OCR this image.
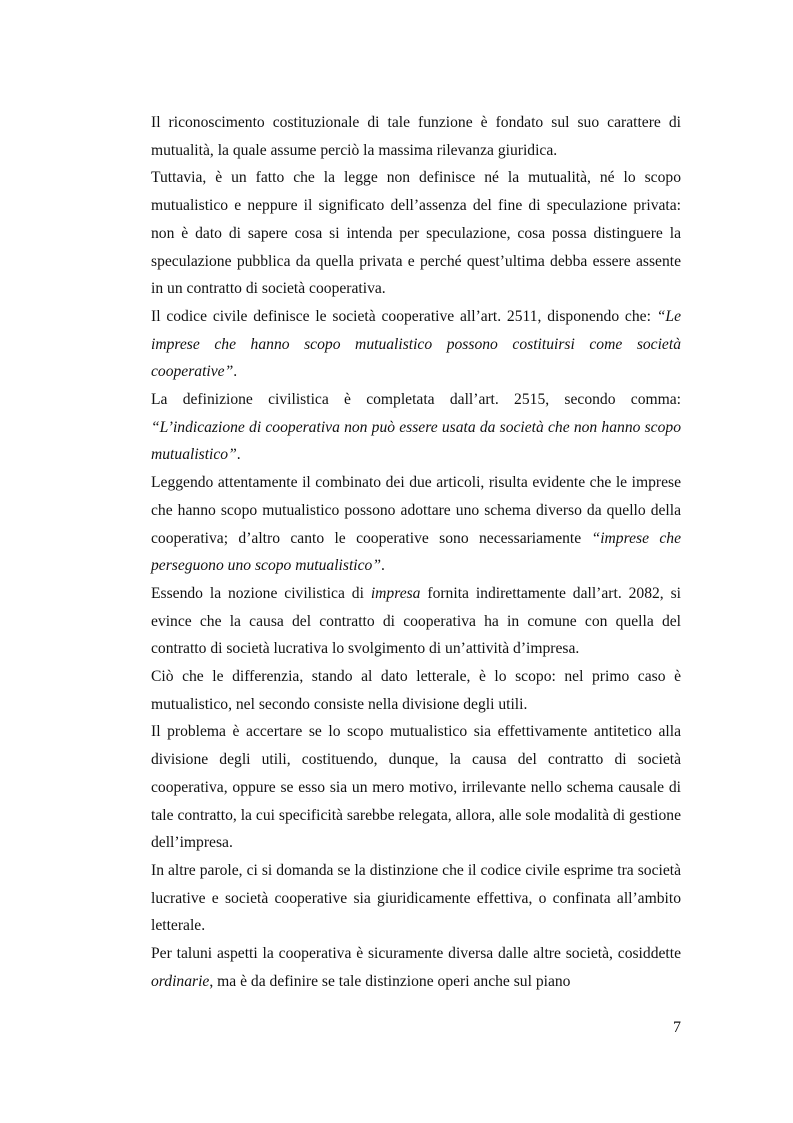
Il riconoscimento costituzionale di tale funzione è fondato sul suo carattere di mutualità, la quale assume perciò la massima rilevanza giuridica.

Tuttavia, è un fatto che la legge non definisce né la mutualità, né lo scopo mutualistico e neppure il significato dell’assenza del fine di speculazione privata: non è dato di sapere cosa si intenda per speculazione, cosa possa distinguere la speculazione pubblica da quella privata e perché quest’ultima debba essere assente in un contratto di società cooperativa.

Il codice civile definisce le società cooperative all’art. 2511, disponendo che: “Le imprese che hanno scopo mutualistico possono costituirsi come società cooperative”.

La definizione civilistica è completata dall’art. 2515, secondo comma: “L’indicazione di cooperativa non può essere usata da società che non hanno scopo mutualistico”.

Leggendo attentamente il combinato dei due articoli, risulta evidente che le imprese che hanno scopo mutualistico possono adottare uno schema diverso da quello della cooperativa; d’altro canto le cooperative sono necessariamente “imprese che perseguono uno scopo mutualistico”.

Essendo la nozione civilistica di impresa fornita indirettamente dall’art. 2082, si evince che la causa del contratto di cooperativa ha in comune con quella del contratto di società lucrativa lo svolgimento di un’attività d’impresa.

Ciò che le differenzia, stando al dato letterale, è lo scopo: nel primo caso è mutualistico, nel secondo consiste nella divisione degli utili.

Il problema è accertare se lo scopo mutualistico sia effettivamente antitetico alla divisione degli utili, costituendo, dunque, la causa del contratto di società cooperativa, oppure se esso sia un mero motivo, irrilevante nello schema causale di tale contratto, la cui specificità sarebbe relegata, allora, alle sole modalità di gestione dell’impresa.

In altre parole, ci si domanda se la distinzione che il codice civile esprime tra società lucrative e società cooperative sia giuridicamente effettiva, o confinata all’ambito letterale.

Per taluni aspetti la cooperativa è sicuramente diversa dalle altre società, cosiddette ordinarie, ma è da definire se tale distinzione operi anche sul piano

7
